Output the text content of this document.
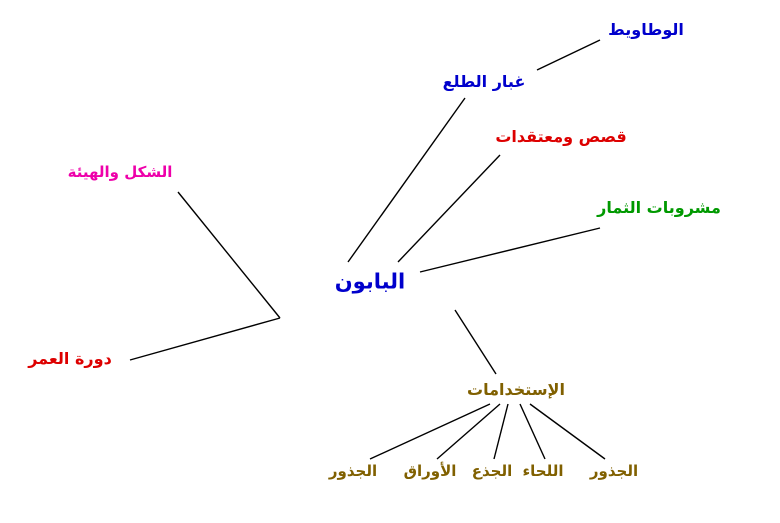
البابون
غبار الطلع
الوطاويط
قصص ومعتقدات
مشروبات الثمار
الشكل والهيئة
دورة العمر
الإستخدامات
الجذور
اللحاء
الجذع
الأوراق
الجذور
